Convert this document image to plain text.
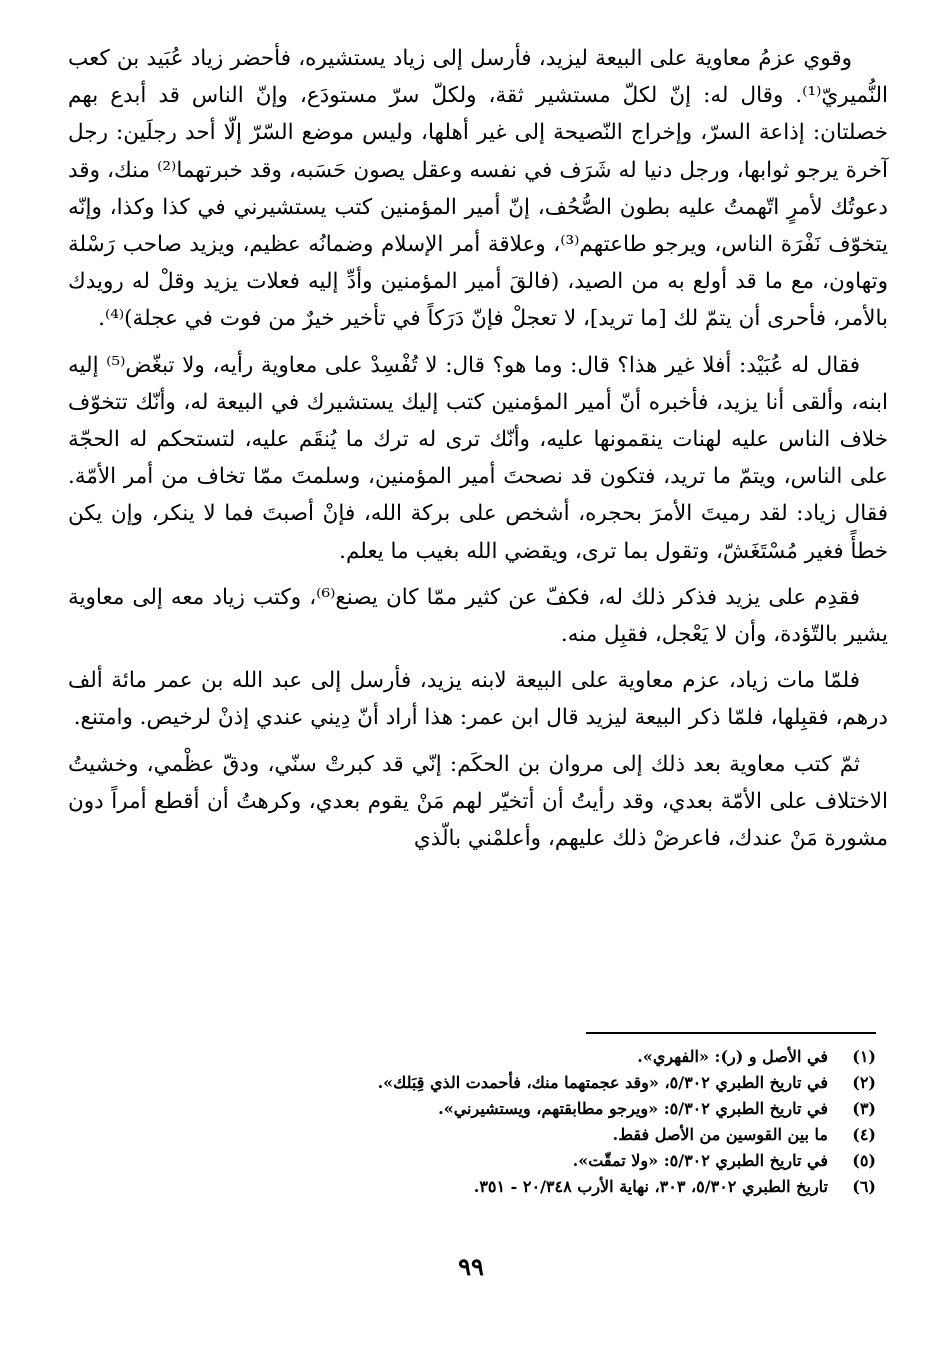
وقوي عزمُ معاوية على البيعة ليزيد، فأرسل إلى زياد يستشيره، فأحضر زياد عُبَيد بن كعب النُّميريّ⁽¹⁾. وقال له: إنّ لكلّ مستشير ثقة، ولكلّ سرّ مستودَع، وإنّ الناس قد أبدع بهم خصلتان: إذاعة السرّ، وإخراج النّصيحة إلى غير أهلها، وليس موضع السّرّ إلّا أحد رجلَين: رجل آخرة يرجو ثوابها، ورجل دنيا له شَرَف في نفسه وعقل يصون حَسَبه، وقد خبرتهما⁽²⁾ منك، وقد دعوتُك لأمرٍ اتّهمتُ عليه بطون الصُّحُف، إنّ أمير المؤمنين كتب يستشيرني في كذا وكذا، وإنّه يتخوّف نَفْرَة الناس، ويرجو طاعتهم⁽³⁾، وعلاقة أمر الإسلام وضمانُه عظيم، ويزيد صاحب رَسْلة وتهاون، مع ما قد أولع به من الصيد، (فالقَ أمير المؤمنين وأدِّ إليه فعلات يزيد وقلْ له رويدك بالأمر، فأحرى أن يتمّ لك [ما تريد]، لا تعجلْ فإنّ دَرَكاً في تأخير خيرٌ من فوت في عجلة)⁽⁴⁾.

فقال له عُبَيْد: أفلا غير هذا؟ قال: وما هو؟ قال: لا تُفْسِدْ على معاوية رأيه، ولا تبغّض⁽⁵⁾ إليه ابنه، وألقى أنا يزيد، فأخبره أنّ أمير المؤمنين كتب إليك يستشيرك في البيعة له، وأنّك تتخوّف خلاف الناس عليه لهنات ينقمونها عليه، وأنّك ترى له ترك ما يُنقَم عليه، لتستحكم له الحجّة على الناس، ويتمّ ما تريد، فتكون قد نصحتَ أمير المؤمنين، وسلمتَ ممّا تخاف من أمر الأمّة. فقال زياد: لقد رميتَ الأمرَ بحجره، أشخص على بركة الله، فإنْ أصبتَ فما لا ينكر، وإن يكن خطأً فغير مُسْتَغَشّ، وتقول بما ترى، ويقضي الله بغيب ما يعلم.

فقدِم على يزيد فذكر ذلك له، فكفّ عن كثير ممّا كان يصنع⁽⁶⁾، وكتب زياد معه إلى معاوية يشير بالتّؤدة، وأن لا يَعْجل، فقبِل منه.

فلمّا مات زياد، عزم معاوية على البيعة لابنه يزيد، فأرسل إلى عبد الله بن عمر مائة ألف درهم، فقبِلها، فلمّا ذكر البيعة ليزيد قال ابن عمر: هذا أراد أنّ دِيني عندي إذنْ لرخيص. وامتنع.

ثمّ كتب معاوية بعد ذلك إلى مروان بن الحكَم: إنّي قد كبرتْ سنّي، ودقّ عظْمي، وخشيتُ الاختلاف على الأمّة بعدي، وقد رأيتُ أن أتخيّر لهم مَنْ يقوم بعدي، وكرهتُ أن أقطع أمراً دون مشورة مَنْ عندك، فاعرضْ ذلك عليهم، وأعلمْني بالّذي

(١)
في الأصل و (ر): «الفهري».
(٢)
في تاريخ الطبري ٥/٣٠٢، «وقد عجمتهما منك، فأحمدت الذي قِبَلك».
(٣)
في تاريخ الطبري ٥/٣٠٢: «ويرجو مطابقتهم، ويستشيرني».
(٤)
ما بين القوسين من الأصل فقط.
(٥)
في تاريخ الطبري ٥/٣٠٢: «ولا تمقّت».
(٦)
تاريخ الطبري ٥/٣٠٢، ٣٠٣، نهاية الأرب ٢٠/٣٤٨ - ٣٥١.
٩٩
